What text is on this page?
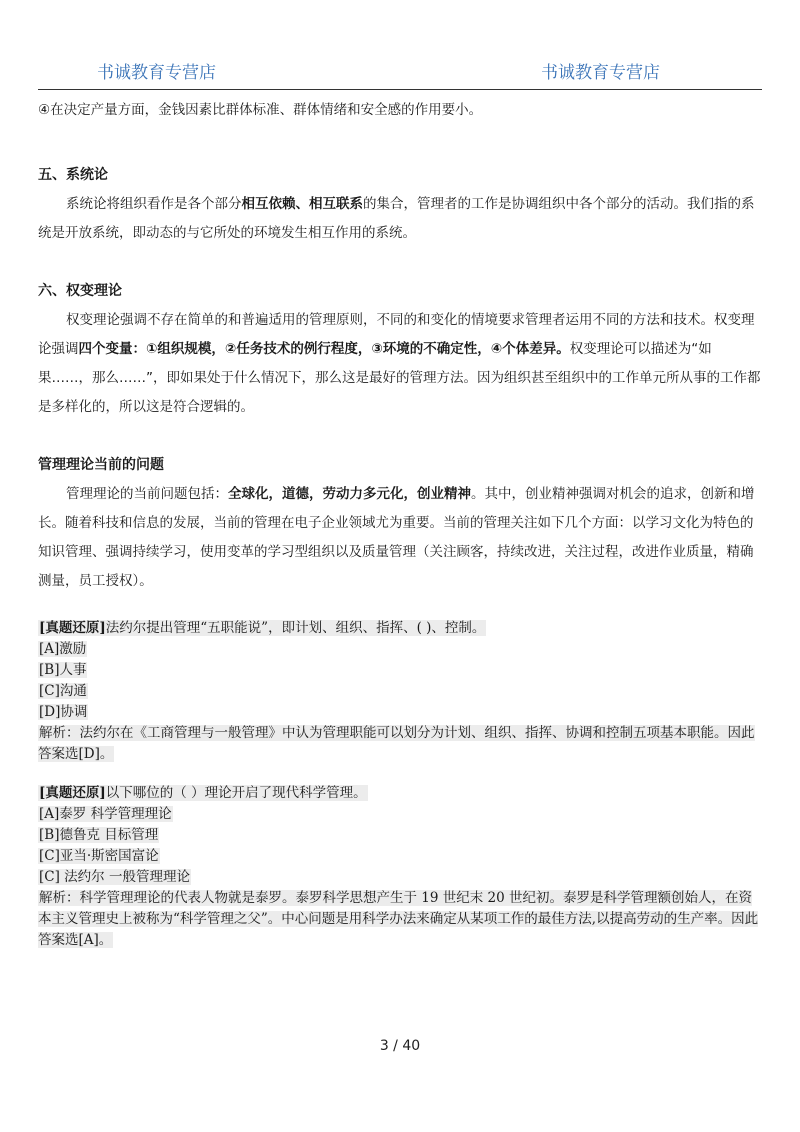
书诚教育专营店	书诚教育专营店

④在决定产量方面，金钱因素比群体标准、群体情绪和安全感的作用要小。

五、系统论

系统论将组织看作是各个部分相互依赖、相互联系的集合，管理者的工作是协调组织中各个部分的活动。我们指的系统是开放系统，即动态的与它所处的环境发生相互作用的系统。

六、权变理论

权变理论强调不存在简单的和普遍适用的管理原则，不同的和变化的情境要求管理者运用不同的方法和技术。权变理论强调四个变量：①组织规模，②任务技术的例行程度，③环境的不确定性，④个体差异。权变理论可以描述为“如果……，那么……”，即如果处于什么情况下，那么这是最好的管理方法。因为组织甚至组织中的工作单元所从事的工作都是多样化的，所以这是符合逻辑的。

管理理论当前的问题

管理理论的当前问题包括：全球化，道德，劳动力多元化，创业精神。其中，创业精神强调对机会的追求，创新和增长。随着科技和信息的发展，当前的管理在电子企业领域尤为重要。当前的管理关注如下几个方面：以学习文化为特色的知识管理、强调持续学习，使用变革的学习型组织以及质量管理（关注顾客，持续改进，关注过程，改进作业质量，精确测量，员工授权）。

[真题还原]法约尔提出管理“五职能说”，即计划、组织、指挥、( )、控制。
[A]激励
[B]人事
[C]沟通
[D]协调
解析：法约尔在《工商管理与一般管理》中认为管理职能可以划分为计划、组织、指挥、协调和控制五项基本职能。因此答案选[D]。
[真题还原]以下哪位的（ ）理论开启了现代科学管理。
[A]泰罗 科学管理理论
[B]德鲁克 目标管理
[C]亚当·斯密国富论
[C] 法约尔 一般管理理论
解析：科学管理理论的代表人物就是泰罗。泰罗科学思想产生于 19 世纪末 20 世纪初。泰罗是科学管理额创始人，在资本主义管理史上被称为“科学管理之父”。中心问题是用科学办法来确定从某项工作的最佳方法,以提高劳动的生产率。因此答案选[A]。
3 / 40
